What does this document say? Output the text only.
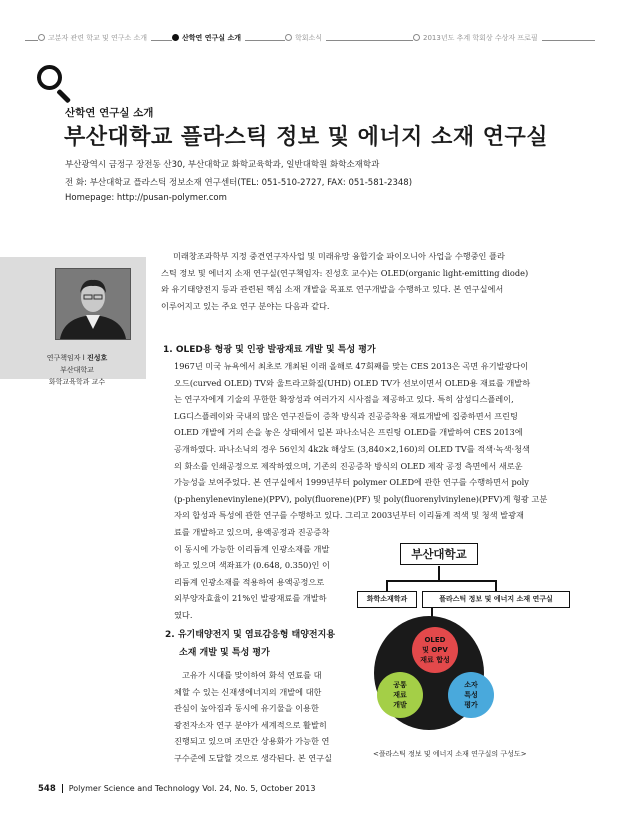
고분자 관련 학교 및 연구소 소개	산학연 연구실 소개	학회소식	2013년도 추계 학회상 수상자 프로필
산학연 연구실 소개
부산대학교 플라스틱 정보 및 에너지 소재 연구실
부산광역시 금정구 장전동 산30, 부산대학교 화학교육학과, 일반대학원 화학소재학과
전 화: 부산대학교 플라스틱 정보소재 연구센터(TEL: 051-510-2727, FAX: 051-581-2348)
Homepage: http://pusan-polymer.com
연구책임자 l 진성호
부산대학교
화학교육학과 교수
미래창조과학부 지정 중견연구자사업 및 미래유망 융합기술 파이오니아 사업을 수행중인 플라
스틱 정보 및 에너지 소재 연구실(연구책임자: 진성호 교수)는 OLED(organic light-emitting diode)
와 유기태양전지 등과 관련된 핵심 소재 개발을 목표로 연구개발을 수행하고 있다. 본 연구실에서
이루어지고 있는 주요 연구 분야는 다음과 같다.
1. OLED용 형광 및 인광 발광재료 개발 및 특성 평가
1967년 미국 뉴욕에서 최초로 개최된 이래 올해로 47회째를 맞는 CES 2013은 곡면 유기발광다이
오드(curved OLED) TV와 울트라고화질(UHD) OLED TV가 선보이면서 OLED용 재료를 개발하
는 연구자에게 기술의 무한한 확장성과 여러가지 시사점을 제공하고 있다. 특히 삼성디스플레이,
LG디스플레이와 국내의 많은 연구진들이 증착 방식과 진공증착용 재료개발에 집중하면서 프린팅
OLED 개발에 거의 손을 놓은 상태에서 일본 파나소닉은 프린팅 OLED를 개발하여 CES 2013에
공개하였다. 파나소닉의 경우 56인치 4k2k 해상도 (3,840×2,160)의 OLED TV를 적색·녹색·청색
의 화소를 인쇄공정으로 제작하였으며, 기존의 진공증착 방식의 OLED 제작 공정 측면에서 새로운
가능성을 보여주었다. 본 연구실에서 1999년부터 polymer OLED에 관한 연구를 수행하면서 poly
(p-phenylenevinylene)(PPV), poly(fluorene)(PF) 및 poly(fluorenylvinylene)(PFV)계 형광 고분
자의 합성과 특성에 관한 연구를 수행하고 있다. 그리고 2003년부터 이리듐계 적색 및 청색 발광재
료를 개발하고 있으며, 용액공정과 진공증착
이 동시에 가능한 이리듐계 인광소재를 개발
하고 있으며 색좌표가 (0.648, 0.350)인 이
리듐계 인광소재를 적용하여 용액공정으로
외부양자효율이 21%인 발광재료를 개발하
였다.
2. 유기태양전지 및 염료감응형 태양전지용
소재 개발 및 특성 평가
고유가 시대를 맞이하여 화석 연료를 대
체할 수 있는 신재생에너지의 개발에 대한
관심이 높아짐과 동시에 유기물을 이용한
광전자소자 연구 분야가 세계적으로 활발히
진행되고 있으며 조만간 상용화가 가능한 연
구수준에 도달할 것으로 생각된다. 본 연구실
부산대학교
화학소재학과	플라스틱 정보 및 에너지 소재 연구실
OLED
및 OPV
재료 합성
공통
재료
개발
소자
특성
평가
<플라스틱 정보 및 에너지 소재 연구실의 구성도>
548 Polymer Science and Technology Vol. 24, No. 5, October 2013
